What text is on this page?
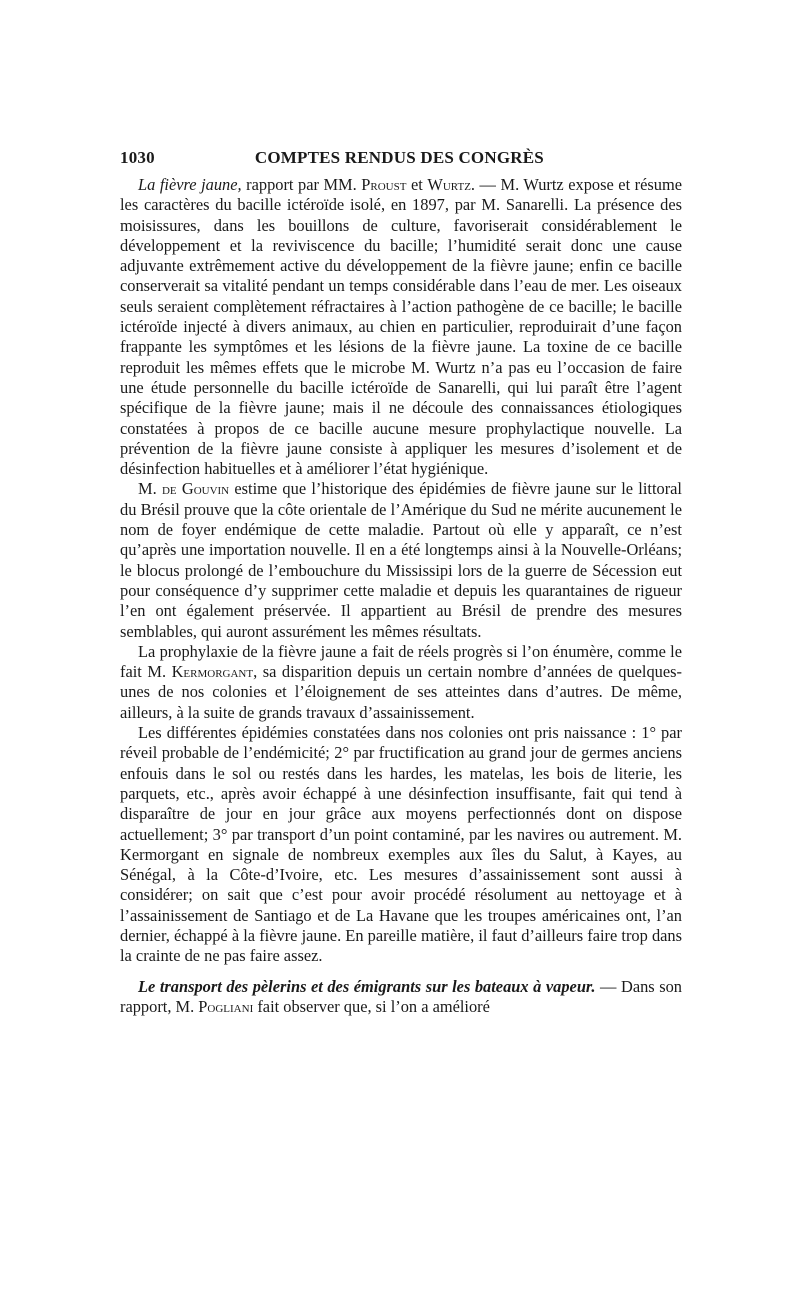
1030	COMPTES RENDUS DES CONGRÈS

La fièvre jaune, rapport par MM. Proust et Wurtz. — M. Wurtz expose et résume les caractères du bacille ictéroïde isolé, en 1897, par M. Sanarelli. La présence des moisissures, dans les bouillons de culture, favoriserait considérablement le développement et la reviviscence du bacille; l’humidité serait donc une cause adjuvante extrêmement active du développement de la fièvre jaune; enfin ce bacille conserverait sa vitalité pendant un temps considérable dans l’eau de mer. Les oiseaux seuls seraient complètement réfractaires à l’action pathogène de ce bacille; le bacille ictéroïde injecté à divers animaux, au chien en particulier, reproduirait d’une façon frappante les symptômes et les lésions de la fièvre jaune. La toxine de ce bacille reproduit les mêmes effets que le microbe M. Wurtz n’a pas eu l’occasion de faire une étude personnelle du bacille ictéroïde de Sanarelli, qui lui paraît être l’agent spécifique de la fièvre jaune; mais il ne découle des connaissances étiologiques constatées à propos de ce bacille aucune mesure prophylactique nouvelle. La prévention de la fièvre jaune consiste à appliquer les mesures d’isolement et de désinfection habituelles et à améliorer l’état hygiénique.

M. de Gouvin estime que l’historique des épidémies de fièvre jaune sur le littoral du Brésil prouve que la côte orientale de l’Amérique du Sud ne mérite aucunement le nom de foyer endémique de cette maladie. Partout où elle y apparaît, ce n’est qu’après une importation nouvelle. Il en a été longtemps ainsi à la Nouvelle-Orléans; le blocus prolongé de l’embouchure du Mississipi lors de la guerre de Sécession eut pour conséquence d’y supprimer cette maladie et depuis les quarantaines de rigueur l’en ont également préservée. Il appartient au Brésil de prendre des mesures semblables, qui auront assurément les mêmes résultats.

La prophylaxie de la fièvre jaune a fait de réels progrès si l’on énumère, comme le fait M. Kermorgant, sa disparition depuis un certain nombre d’années de quelques-unes de nos colonies et l’éloignement de ses atteintes dans d’autres. De même, ailleurs, à la suite de grands travaux d’assainissement.

Les différentes épidémies constatées dans nos colonies ont pris naissance : 1° par réveil probable de l’endémicité; 2° par fructification au grand jour de germes anciens enfouis dans le sol ou restés dans les hardes, les matelas, les bois de literie, les parquets, etc., après avoir échappé à une désinfection insuffisante, fait qui tend à disparaître de jour en jour grâce aux moyens perfectionnés dont on dispose actuellement; 3° par transport d’un point contaminé, par les navires ou autrement. M. Kermorgant en signale de nombreux exemples aux îles du Salut, à Kayes, au Sénégal, à la Côte-d’Ivoire, etc. Les mesures d’assainissement sont aussi à considérer; on sait que c’est pour avoir procédé résolument au nettoyage et à l’assainissement de Santiago et de La Havane que les troupes américaines ont, l’an dernier, échappé à la fièvre jaune. En pareille matière, il faut d’ailleurs faire trop dans la crainte de ne pas faire assez.

Le transport des pèlerins et des émigrants sur les bateaux à vapeur. — Dans son rapport, M. Pogliani fait observer que, si l’on a amélioré
